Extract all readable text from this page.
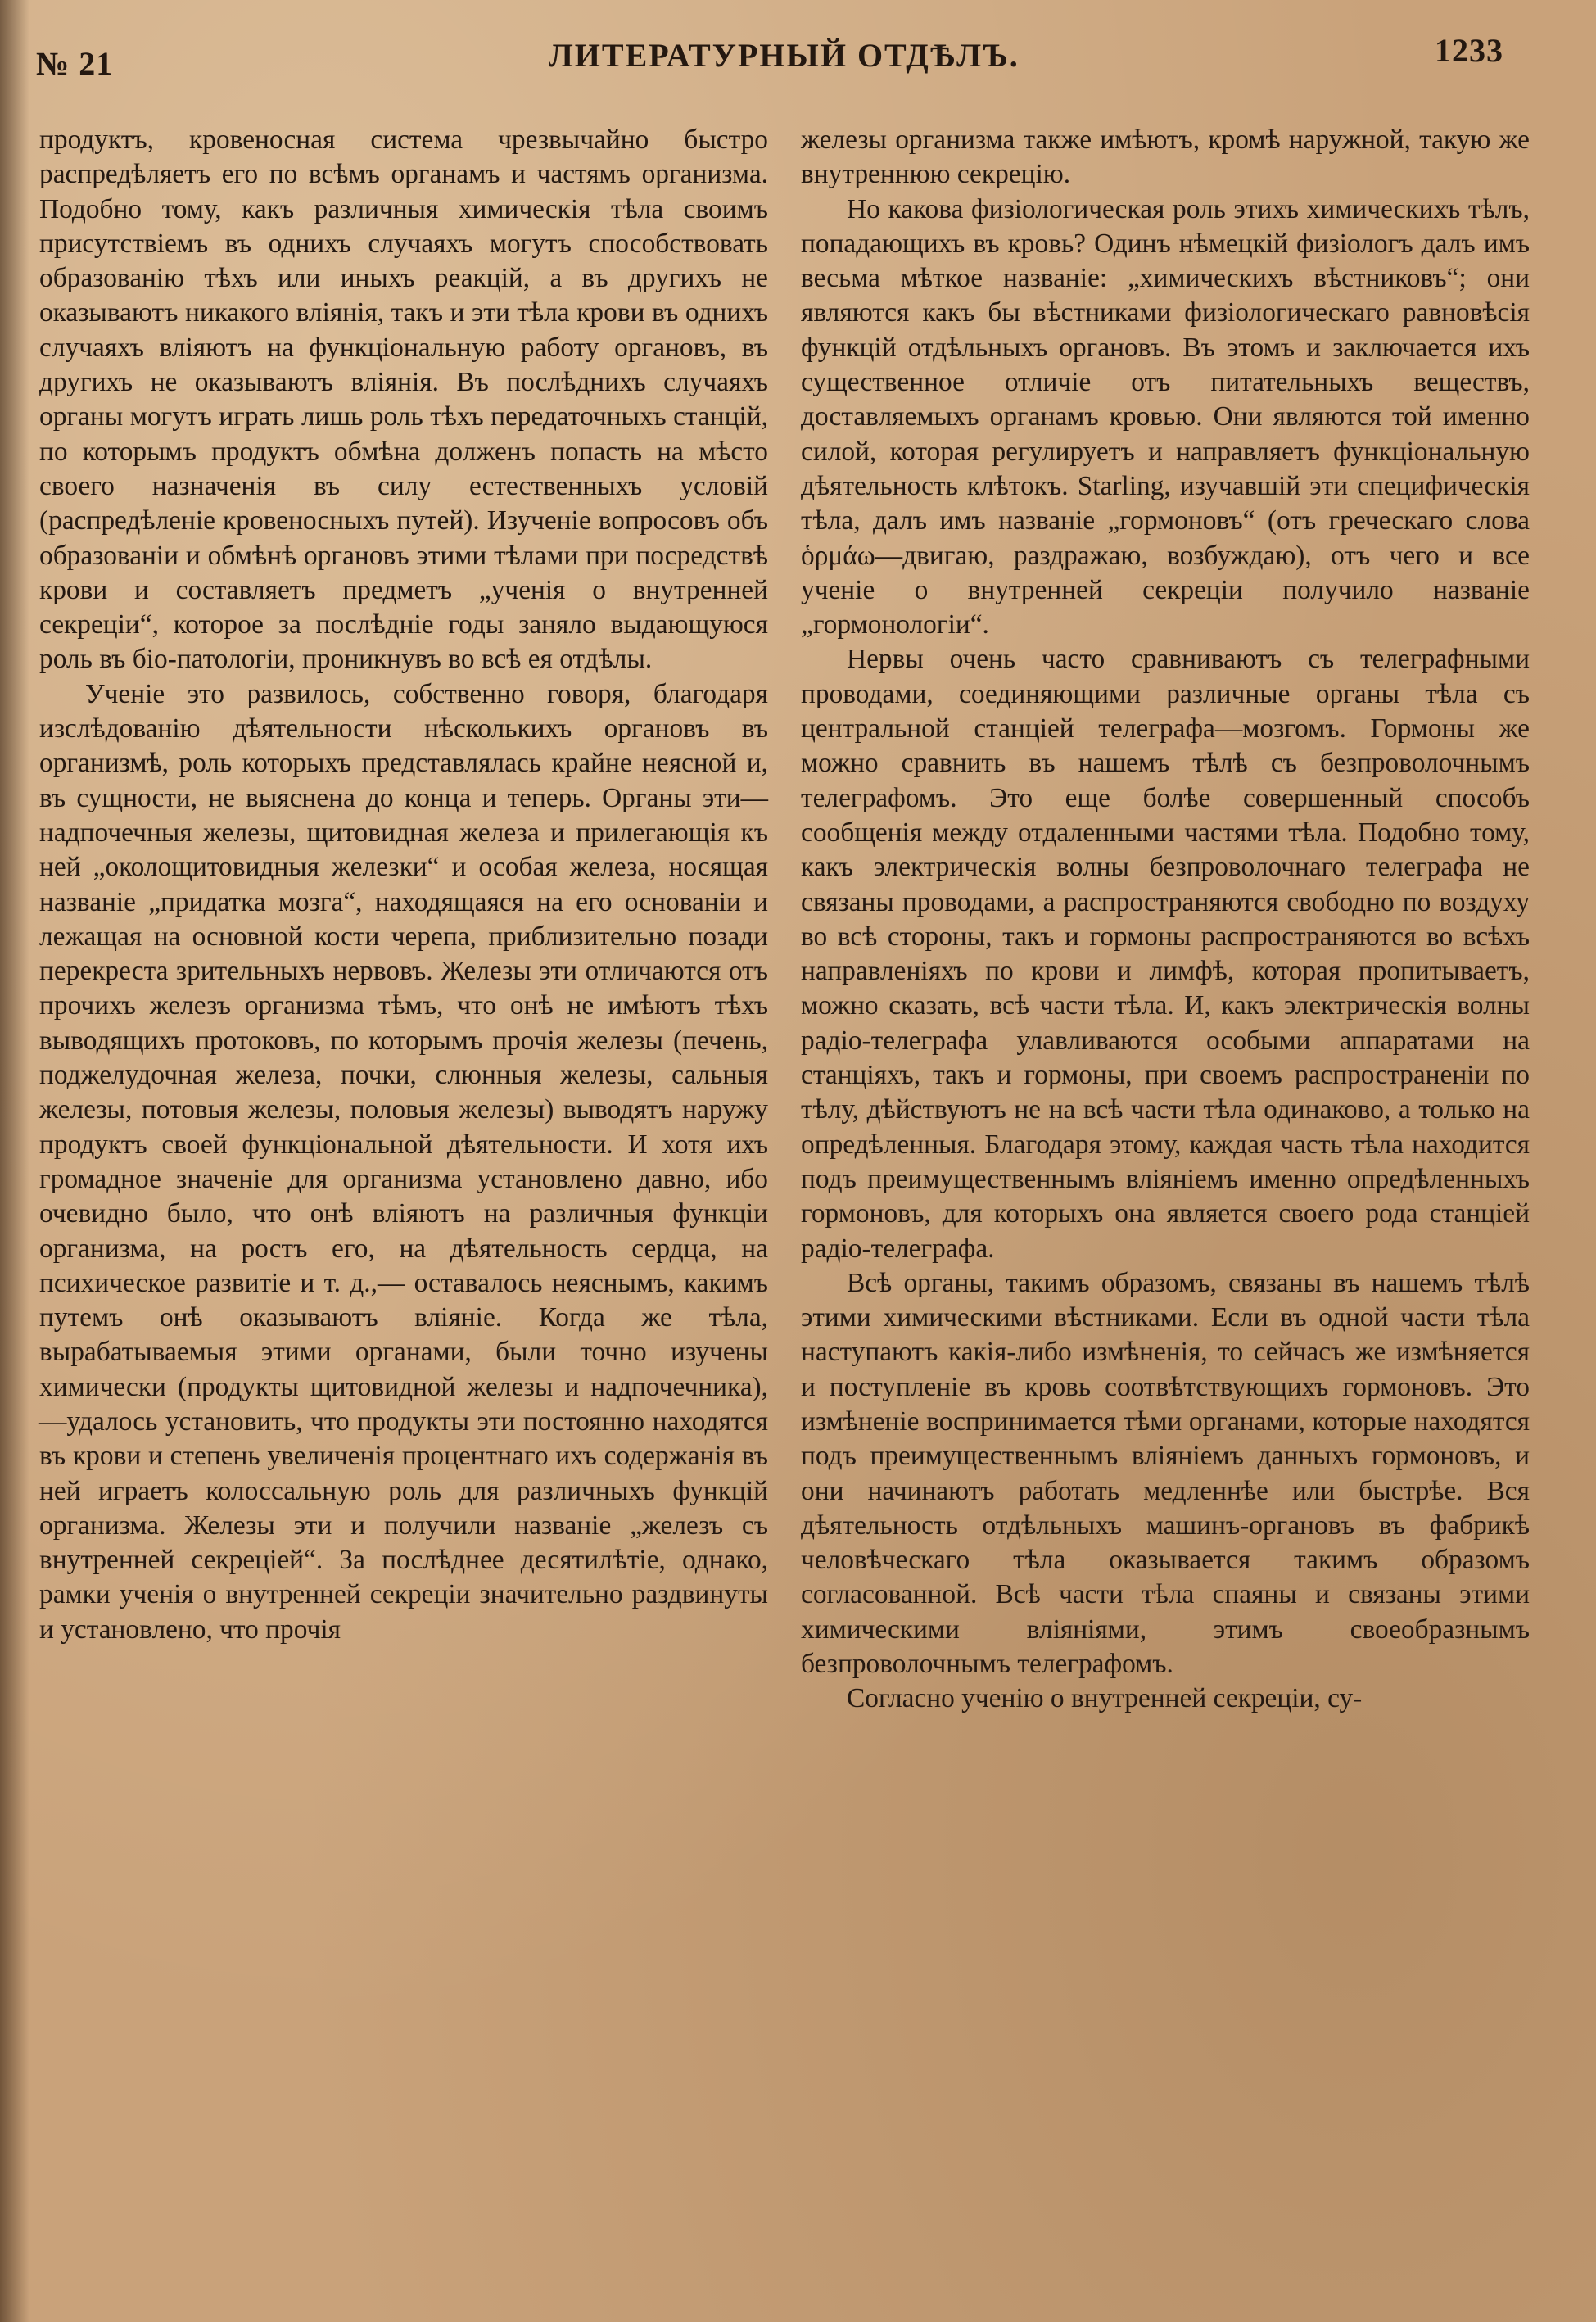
№ 21	ЛИТЕРАТУРНЫЙ ОТДѢЛЪ.	1233

продуктъ, кровеносная система чрезвычайно быстро распредѣляетъ его по всѣмъ органамъ и частямъ организма. Подобно тому, какъ различныя химическія тѣла своимъ присутствіемъ въ однихъ случаяхъ могутъ способствовать образованію тѣхъ или иныхъ реакцій, а въ другихъ не оказываютъ никакого вліянія, такъ и эти тѣла крови въ однихъ случаяхъ вліяютъ на функціональную работу органовъ, въ другихъ не оказываютъ вліянія. Въ послѣднихъ случаяхъ органы могутъ играть лишь роль тѣхъ передаточныхъ станцій, по которымъ продуктъ обмѣна долженъ попасть на мѣсто своего назначенія въ силу естественныхъ условій (распредѣленіе кровеносныхъ путей). Изученіе вопросовъ объ образованіи и обмѣнѣ органовъ этими тѣлами при посредствѣ крови и составляетъ предметъ „ученія о внутренней секреціи“, которое за послѣдніе годы заняло выдающуюся роль въ біо-патологіи, проникнувъ во всѣ ея отдѣлы.

Ученіе это развилось, собственно говоря, благодаря изслѣдованію дѣятельности нѣсколькихъ органовъ въ организмѣ, роль которыхъ представлялась крайне неясной и, въ сущности, не выяснена до конца и теперь. Органы эти— надпочечныя железы, щитовидная железа и прилегающія къ ней „околощитовидныя железки“ и особая железа, носящая названіе „придатка мозга“, находящаяся на его основаніи и лежащая на основной кости черепа, приблизительно позади перекреста зрительныхъ нервовъ. Железы эти отличаются отъ прочихъ железъ организма тѣмъ, что онѣ не имѣютъ тѣхъ выводящихъ протоковъ, по которымъ прочія железы (печень, поджелудочная железа, почки, слюнныя железы, сальныя железы, потовыя железы, половыя железы) выводятъ наружу продуктъ своей функціональной дѣятельности. И хотя ихъ громадное значеніе для организма установлено давно, ибо очевидно было, что онѣ вліяютъ на различныя функціи организма, на ростъ его, на дѣятельность сердца, на психическое развитіе и т. д.,— оставалось неяснымъ, какимъ путемъ онѣ оказываютъ вліяніе. Когда же тѣла, вырабатываемыя этими органами, были точно изучены химически (продукты щитовидной железы и надпочечника),—удалось установить, что продукты эти постоянно находятся въ крови и степень увеличенія процентнаго ихъ содержанія въ ней играетъ колоссальную роль для различныхъ функцій организма. Железы эти и получили названіе „железъ съ внутренней секреціей“. За послѣднее десятилѣтіе, однако, рамки ученія о внутренней секреціи значительно раздвинуты и установлено, что прочія

железы организма также имѣютъ, кромѣ наружной, такую же внутреннюю секрецію.

Но какова физіологическая роль этихъ химическихъ тѣлъ, попадающихъ въ кровь? Одинъ нѣмецкій физіологъ далъ имъ весьма мѣткое названіе: „химическихъ вѣстниковъ“; они являются какъ бы вѣстниками физіологическаго равновѣсія функцій отдѣльныхъ органовъ. Въ этомъ и заключается ихъ существенное отличіе отъ питательныхъ веществъ, доставляемыхъ органамъ кровью. Они являются той именно силой, которая регулируетъ и направляетъ функціональную дѣятельность клѣтокъ. Starling, изучавшій эти специфическія тѣла, далъ имъ названіе „гормоновъ“ (отъ греческаго слова ὁρμάω—двигаю, раздражаю, возбуждаю), отъ чего и все ученіе о внутренней секреціи получило названіе „гормонологіи“.

Нервы очень часто сравниваютъ съ телеграфными проводами, соединяющими различные органы тѣла съ центральной станціей телеграфа—мозгомъ. Гормоны же можно сравнить въ нашемъ тѣлѣ съ безпроволочнымъ телеграфомъ. Это еще болѣе совершенный способъ сообщенія между отдаленными частями тѣла. Подобно тому, какъ электрическія волны безпроволочнаго телеграфа не связаны проводами, а распространяются свободно по воздуху во всѣ стороны, такъ и гормоны распространяются во всѣхъ направленіяхъ по крови и лимфѣ, которая пропитываетъ, можно сказать, всѣ части тѣла. И, какъ электрическія волны радіо-телеграфа улавливаются особыми аппаратами на станціяхъ, такъ и гормоны, при своемъ распространеніи по тѣлу, дѣйствуютъ не на всѣ части тѣла одинаково, а только на опредѣленныя. Благодаря этому, каждая часть тѣла находится подъ преимущественнымъ вліяніемъ именно опредѣленныхъ гормоновъ, для которыхъ она является своего рода станціей радіо-телеграфа.

Всѣ органы, такимъ образомъ, связаны въ нашемъ тѣлѣ этими химическими вѣстниками. Если въ одной части тѣла наступаютъ какія-либо измѣненія, то сейчасъ же измѣняется и поступленіе въ кровь соотвѣтствующихъ гормоновъ. Это измѣненіе воспринимается тѣми органами, которые находятся подъ преимущественнымъ вліяніемъ данныхъ гормоновъ, и они начинаютъ работать медленнѣе или быстрѣе. Вся дѣятельность отдѣльныхъ машинъ-органовъ въ фабрикѣ человѣческаго тѣла оказывается такимъ образомъ согласованной. Всѣ части тѣла спаяны и связаны этими химическими вліяніями, этимъ своеобразнымъ безпроволочнымъ телеграфомъ.

Согласно ученію о внутренней секреціи, су-
